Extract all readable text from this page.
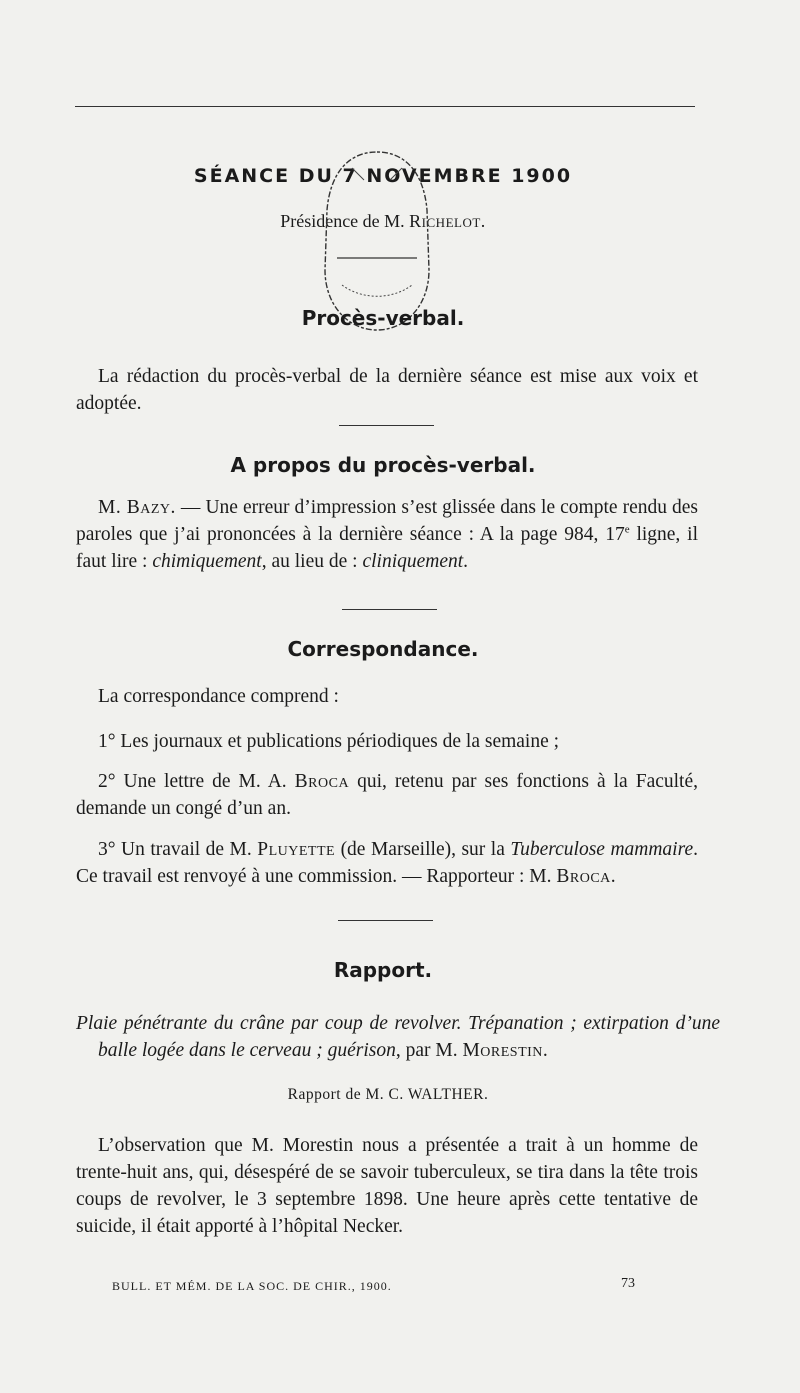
SÉANCE DU 7 NOVEMBRE 1900
Présidence de M. Richelot.
Procès-verbal.
La rédaction du procès-verbal de la dernière séance est mise aux voix et adoptée.
A propos du procès-verbal.
M. Bazy. — Une erreur d’impression s’est glissée dans le compte rendu des paroles que j’ai prononcées à la dernière séance : A la page 984, 17e ligne, il faut lire : chimiquement, au lieu de : cliniquement.
Correspondance.
La correspondance comprend :
1° Les journaux et publications périodiques de la semaine ;
2° Une lettre de M. A. Broca qui, retenu par ses fonctions à la Faculté, demande un congé d’un an.
3° Un travail de M. Pluyette (de Marseille), sur la Tuberculose mammaire. Ce travail est renvoyé à une commission. — Rapporteur : M. Broca.
Rapport.
Plaie pénétrante du crâne par coup de revolver. Trépanation ; extirpation d’une balle logée dans le cerveau ; guérison, par M. Morestin.
Rapport de M. C. WALTHER.
L’observation que M. Morestin nous a présentée a trait à un homme de trente-huit ans, qui, désespéré de se savoir tuberculeux, se tira dans la tête trois coups de revolver, le 3 septembre 1898. Une heure après cette tentative de suicide, il était apporté à l’hôpital Necker.
BULL. ET MÉM. DE LA SOC. DE CHIR., 1900.	73
